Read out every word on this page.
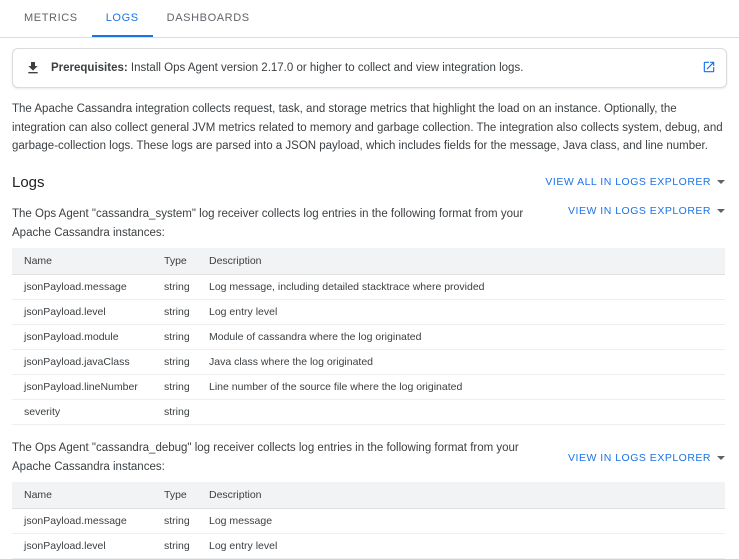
METRICS	LOGS	DASHBOARDS
Prerequisites: Install Ops Agent version 2.17.0 or higher to collect and view integration logs.
The Apache Cassandra integration collects request, task, and storage metrics that highlight the load on an instance. Optionally, the integration can also collect general JVM metrics related to memory and garbage collection. The integration also collects system, debug, and garbage-collection logs. These logs are parsed into a JSON payload, which includes fields for the message, Java class, and line number.
Logs	VIEW ALL IN LOGS EXPLORER
The Ops Agent "cassandra_system" log receiver collects log entries in the following format from your Apache Cassandra instances:
VIEW IN LOGS EXPLORER
Name	Type	Description
jsonPayload.message	string	Log message, including detailed stacktrace where provided
jsonPayload.level	string	Log entry level
jsonPayload.module	string	Module of cassandra where the log originated
jsonPayload.javaClass	string	Java class where the log originated
jsonPayload.lineNumber	string	Line number of the source file where the log originated
severity	string	
The Ops Agent "cassandra_debug" log receiver collects log entries in the following format from your Apache Cassandra instances:
VIEW IN LOGS EXPLORER
Name	Type	Description
jsonPayload.message	string	Log message
jsonPayload.level	string	Log entry level
